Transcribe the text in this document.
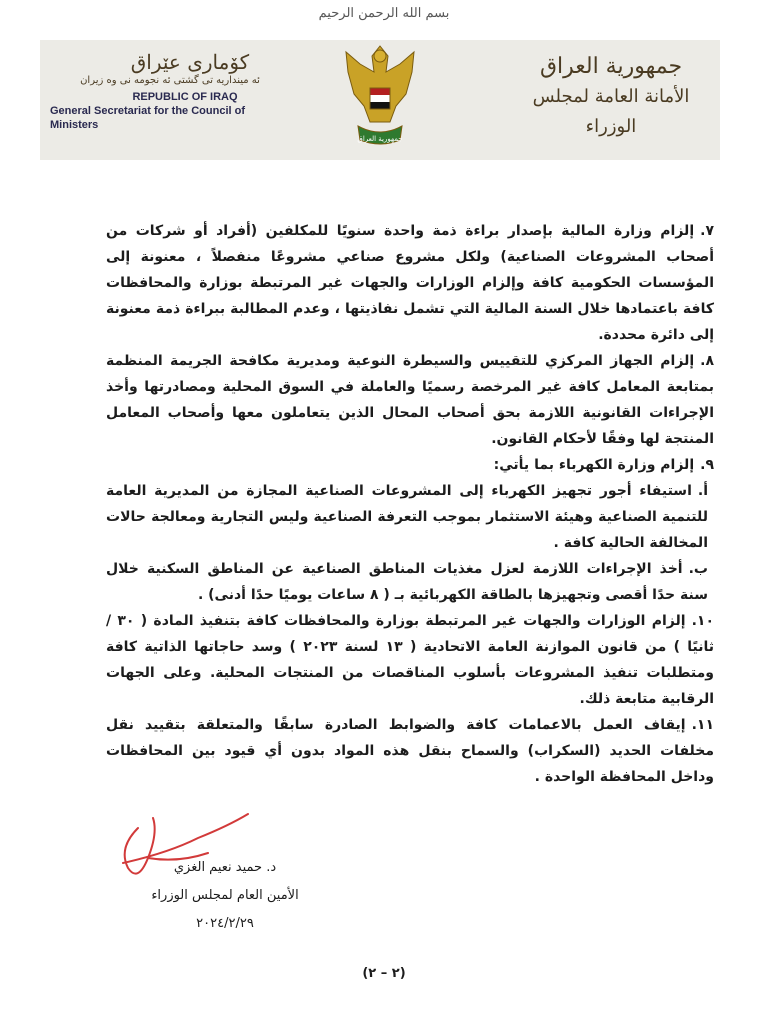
بسم الله الرحمن الرحيم
كۆماری عێراق
ئه مینداریه تی گشتی ئه نجومه نی وه زیران
REPUBLIC OF IRAQ
General Secretariat for the Council of Ministers
جمهورية العراق
جمهورية العراق
الأمانة العامة لمجلس الوزراء

٧.إلزام وزارة المالية بإصدار براءة ذمة واحدة سنويًا للمكلفين (أفراد أو شركات من أصحاب المشروعات الصناعية) ولكل مشروع صناعي مشروعًا منفصلاً ، معنونة إلى المؤسسات الحكومية كافة وإلزام الوزارات والجهات غير المرتبطة بوزارة والمحافظات كافة باعتمادها خلال السنة المالية التي تشمل نفاذيتها ، وعدم المطالبة ببراءة ذمة معنونة إلى دائرة محددة.

٨.إلزام الجهاز المركزي للتقييس والسيطرة النوعية ومديرية مكافحة الجريمة المنظمة بمتابعة المعامل كافة غير المرخصة رسميًا والعاملة في السوق المحلية ومصادرتها وأخذ الإجراءات القانونية اللازمة بحق أصحاب المحال الذين يتعاملون معها وأصحاب المعامل المنتجة لها وفقًا لأحكام القانون.

٩.إلزام وزارة الكهرباء بما يأتي:

أ.استيفاء أجور تجهيز الكهرباء إلى المشروعات الصناعية المجازة من المديرية العامة للتنمية الصناعية وهيئة الاستثمار بموجب التعرفة الصناعية وليس التجارية ومعالجة حالات المخالفة الحالية كافة .

ب.أخذ الإجراءات اللازمة لعزل مغذيات المناطق الصناعية عن المناطق السكنية خلال سنة حدًا أقصى وتجهيزها بالطاقة الكهربائية بـ ( ٨ ساعات يوميًا حدًا أدنى) .

١٠.إلزام الوزارات والجهات غير المرتبطة بوزارة والمحافظات كافة بتنفيذ المادة ( ٣٠ / ثانيًا ) من قانون الموازنة العامة الاتحادية ( ١٣ لسنة ٢٠٢٣ ) وسد حاجاتها الذاتية كافة ومتطلبات تنفيذ المشروعات بأسلوب المناقصات من المنتجات المحلية. وعلى الجهات الرقابية متابعة ذلك.

١١.إيقاف العمل بالاعمامات كافة والضوابط الصادرة سابقًا والمتعلقة بتقييد نقل مخلفات الحديد (السكراب) والسماح بنقل هذه المواد بدون أي قيود بين المحافظات وداخل المحافظة الواحدة .

د. حميد نعيم الغزي
الأمين العام لمجلس الوزراء
٢٠٢٤/٢/٢٩
(٢ – ٢)
